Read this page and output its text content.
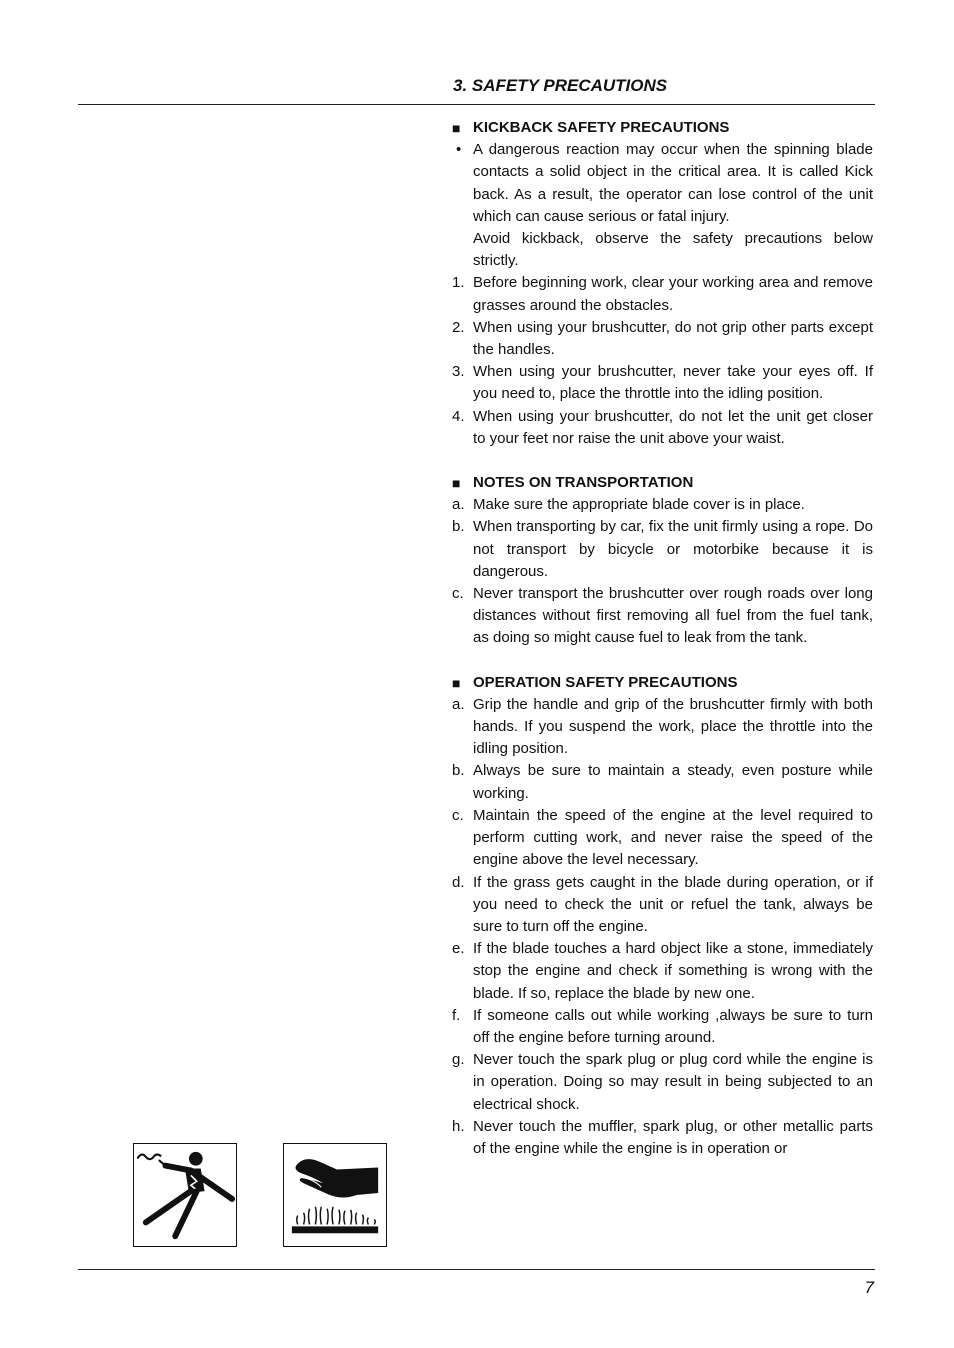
3. SAFETY PRECAUTIONS
■ KICKBACK SAFETY PRECAUTIONS
• A dangerous reaction may occur when the spinning blade contacts a solid object in the critical area. It is called Kick back. As a result, the operator can lose control of the unit which can cause serious or fatal injury.
Avoid kickback, observe the safety precautions below strictly.
1. Before beginning work, clear your working area and remove grasses around the obstacles.
2. When using your brushcutter, do not grip other parts except the handles.
3. When using your brushcutter, never take your eyes off. If you need to, place the throttle into the idling position.
4. When using your brushcutter, do not let the unit get closer to your feet nor raise the unit above your waist.
■ NOTES ON TRANSPORTATION
a. Make sure the appropriate blade cover is in place.
b. When transporting by car, fix the unit firmly using a rope. Do not transport by bicycle or motorbike because it is dangerous.
c. Never transport the brushcutter over rough roads over long distances without first removing all fuel from the fuel tank, as doing so might cause fuel to leak from the tank.
■ OPERATION SAFETY PRECAUTIONS
a. Grip the handle and grip of the brushcutter firmly with both hands. If you suspend the work, place the throttle into the idling position.
b. Always be sure to maintain a steady, even posture while working.
c. Maintain the speed of the engine at the level required to perform cutting work, and never raise the speed of the engine above the level necessary.
d. If the grass gets caught in the blade during operation, or if you need to check the unit or refuel the tank, always be sure to turn off the engine.
e. If the blade touches a hard object like a stone, immediately stop the engine and check if something is wrong with the blade. If so, replace the blade by new one.
f. If someone calls out while working ,always be sure to turn off the engine before turning around.
g. Never touch the spark plug or plug cord while the engine is in operation. Doing so may result in being subjected to an electrical shock.
h. Never touch the muffler, spark plug, or other metallic parts of the engine while the engine is in operation or
7
